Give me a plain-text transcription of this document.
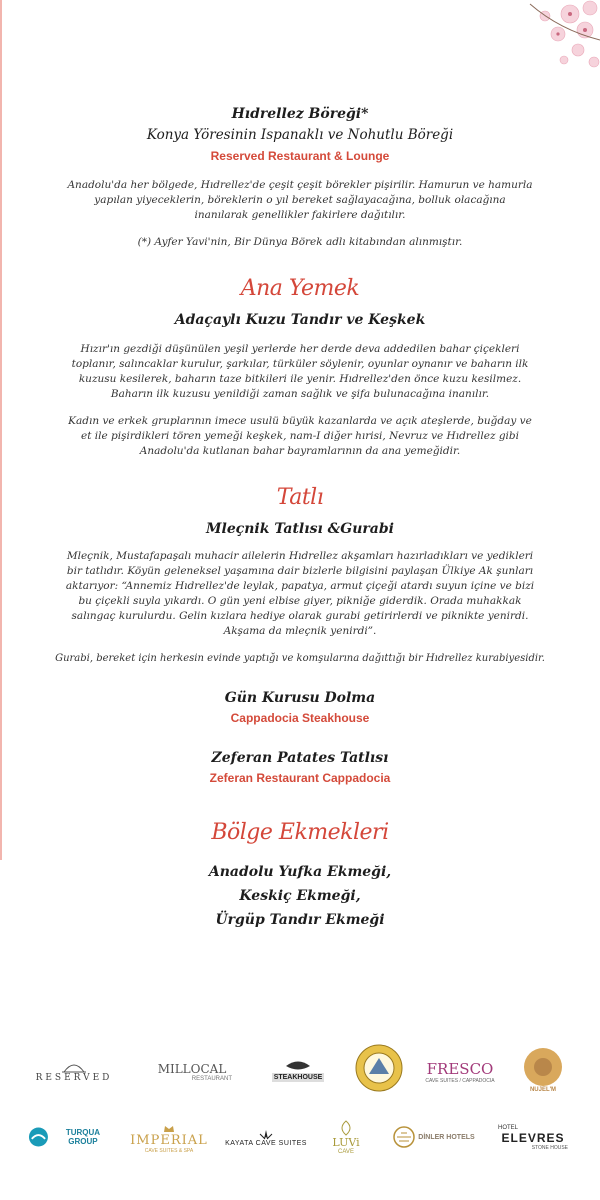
Hıdrellez Böreği*
Konya Yöresinin Ispanaklı ve Nohutlu Böreği
Reserved Restaurant & Lounge
Anadolu'da her bölgede, Hıdrellez'de çeşit çeşit börekler pişirilir. Hamurun ve hamurla
yapılan yiyeceklerin, böreklerin o yıl bereket sağlayacağına, bolluk olacağına
inanılarak genellikler fakirlere dağıtılır.
(*) Ayfer Yavi'nin, Bir Dünya Börek adlı kitabından alınmıştır.
Ana Yemek
Adaçaylı Kuzu Tandır ve Keşkek
Hızır'ın gezdiği düşünülen yeşil yerlerde her derde deva addedilen bahar çiçekleri
toplanır, salıncaklar kurulur, şarkılar, türküler söylenir, oyunlar oynanır ve baharın ilk
kuzusu kesilerek, baharın taze bitkileri ile yenir. Hıdrellez'den önce kuzu kesilmez.
Baharın ilk kuzusu yenildiği zaman sağlık ve şifa bulunacağına inanılır.
Kadın ve erkek gruplarının imece usulü büyük kazanlarda ve açık ateşlerde, buğday ve
et ile pişirdikleri tören yemeği keşkek, nam-I diğer hırisi, Nevruz ve Hıdrellez gibi
Anadolu'da kutlanan bahar bayramlarının da ana yemeğidir.
Tatlı
Mleçnik Tatlısı &Gurabi
Mleçnik, Mustafapaşalı muhacir ailelerin Hıdrellez akşamları hazırladıkları ve yedikleri
bir tatlıdır. Köyün geleneksel yaşamına dair bizlerle bilgisini paylaşan Ülkiye Ak şunları
aktarıyor: “Annemiz Hıdrellez'de leylak, papatya, armut çiçeği atardı suyun içine ve bizi
bu çiçekli suyla yıkardı. O gün yeni elbise giyer, pikniğe giderdik. Orada muhakkak
salıngaç kurulurdu. Gelin kızlara hediye olarak gurabi getirirlerdi ve piknikte yenirdi.
Akşama da mleçnik yenirdi”.
Gurabi, bereket için herkesin evinde yaptığı ve komşularına dağıttığı bir Hıdrellez kurabiyesidir.
Gün Kurusu Dolma
Cappadocia Steakhouse
Zeferan Patates Tatlısı
Zeferan Restaurant Cappadocia
Bölge Ekmekleri
Anadolu Yufka Ekmeği,
Keskiç Ekmeği,
Ürgüp Tandır Ekmeği
RESERVED
MILLOCAL
RESTAURANT	STEAKHOUSE	FRESCO
CAVE SUITES / CAPPADOCIA
NUJEL'M
TURQUA GROUP	IMPERIAL
CAVE SUITES & SPA
KAYATA CAVE SUITES LUVi
CAVE
DİNLER HOTELS
HOTEL
ELEVRES
STONE HOUSE
